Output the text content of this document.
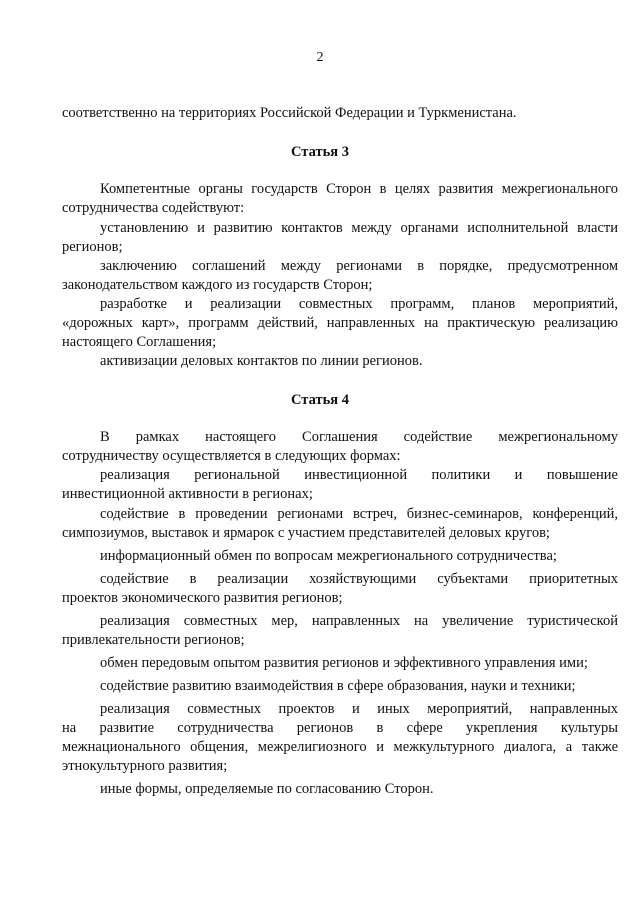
2
соответственно на территориях Российской Федерации и Туркменистана.
Статья 3
Компетентные органы государств Сторон в целях развития межрегионального
сотрудничества содействуют:
установлению и развитию контактов между органами исполнительной власти
регионов;
заключению соглашений между регионами в порядке, предусмотренном
законодательством каждого из государств Сторон;
разработке и реализации совместных программ, планов мероприятий,
«дорожных карт», программ действий, направленных на практическую реализацию
настоящего Соглашения;
активизации деловых контактов по линии регионов.
Статья 4
В рамках настоящего Соглашения содействие межрегиональному
сотрудничеству осуществляется в следующих формах:
реализация региональной инвестиционной политики и повышение
инвестиционной активности в регионах;
содействие в проведении регионами встреч, бизнес-семинаров, конференций,
симпозиумов, выставок и ярмарок с участием представителей деловых кругов;
информационный обмен по вопросам межрегионального сотрудничества;
содействие в реализации хозяйствующими субъектами приоритетных
проектов экономического развития регионов;
реализация совместных мер, направленных на увеличение туристической
привлекательности регионов;
обмен передовым опытом развития регионов и эффективного управления ими;
содействие развитию взаимодействия в сфере образования, науки и техники;
реализация совместных проектов и иных мероприятий, направленных
на развитие сотрудничества регионов в сфере укрепления культуры
межнационального общения, межрелигиозного и межкультурного диалога, а также
этнокультурного развития;
иные формы, определяемые по согласованию Сторон.
